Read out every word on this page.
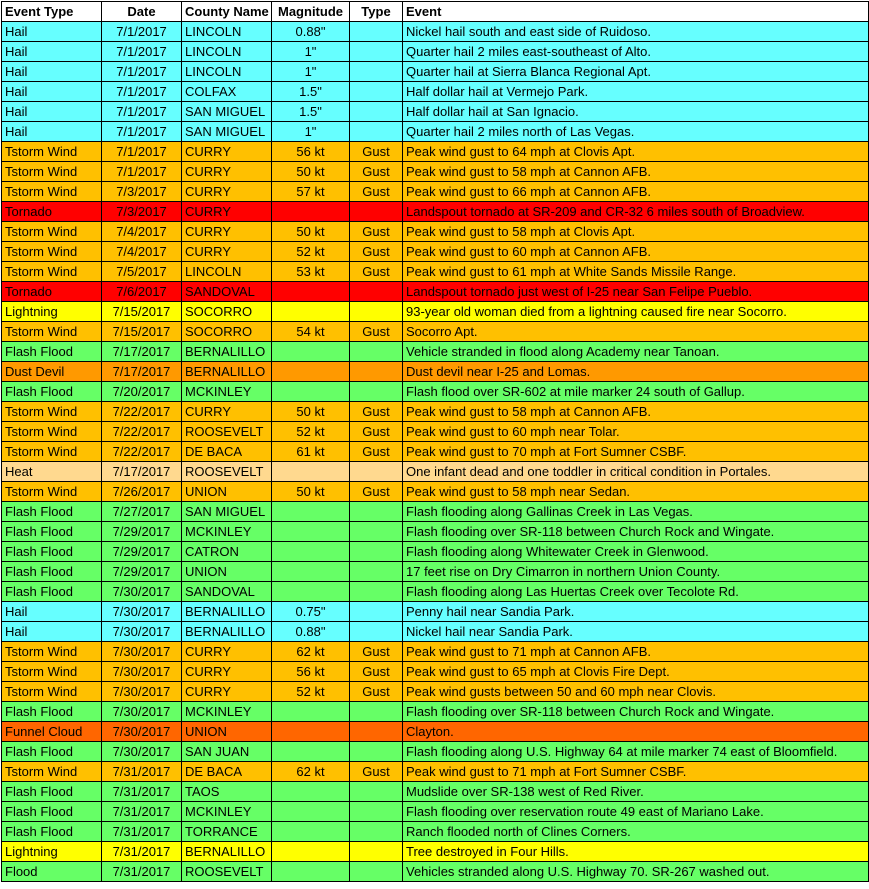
Event Type	Date	County Name	Magnitude	Type	Event
Hail	7/1/2017	LINCOLN	0.88"		Nickel hail south and east side of Ruidoso.
Hail	7/1/2017	LINCOLN	1"		Quarter hail 2 miles east-southeast of Alto.
Hail	7/1/2017	LINCOLN	1"		Quarter hail at Sierra Blanca Regional Apt.
Hail	7/1/2017	COLFAX	1.5"		Half dollar hail at Vermejo Park.
Hail	7/1/2017	SAN MIGUEL	1.5"		Half dollar hail at San Ignacio.
Hail	7/1/2017	SAN MIGUEL	1"		Quarter hail 2 miles north of Las Vegas.
Tstorm Wind	7/1/2017	CURRY	56 kt	Gust	Peak wind gust to 64 mph at Clovis Apt.
Tstorm Wind	7/1/2017	CURRY	50 kt	Gust	Peak wind gust to 58 mph at Cannon AFB.
Tstorm Wind	7/3/2017	CURRY	57 kt	Gust	Peak wind gust to 66 mph at Cannon AFB.
Tornado	7/3/2017	CURRY			Landspout tornado at SR-209 and CR-32 6 miles south of Broadview.
Tstorm Wind	7/4/2017	CURRY	50 kt	Gust	Peak wind gust to 58 mph at Clovis Apt.
Tstorm Wind	7/4/2017	CURRY	52 kt	Gust	Peak wind gust to 60 mph at Cannon AFB.
Tstorm Wind	7/5/2017	LINCOLN	53 kt	Gust	Peak wind gust to 61 mph at White Sands Missile Range.
Tornado	7/6/2017	SANDOVAL			Landspout tornado just west of I-25 near San Felipe Pueblo.
Lightning	7/15/2017	SOCORRO			93-year old woman died from a lightning caused fire near Socorro.
Tstorm Wind	7/15/2017	SOCORRO	54 kt	Gust	Socorro Apt.
Flash Flood	7/17/2017	BERNALILLO			Vehicle stranded in flood along Academy near Tanoan.
Dust Devil	7/17/2017	BERNALILLO			Dust devil near I-25 and Lomas.
Flash Flood	7/20/2017	MCKINLEY			Flash flood over SR-602 at mile marker 24 south of Gallup.
Tstorm Wind	7/22/2017	CURRY	50 kt	Gust	Peak wind gust to 58 mph at Cannon AFB.
Tstorm Wind	7/22/2017	ROOSEVELT	52 kt	Gust	Peak wind gust to 60 mph near Tolar.
Tstorm Wind	7/22/2017	DE BACA	61 kt	Gust	Peak wind gust to 70 mph at Fort Sumner CSBF.
Heat	7/17/2017	ROOSEVELT			One infant dead and one toddler in critical condition in Portales.
Tstorm Wind	7/26/2017	UNION	50 kt	Gust	Peak wind gust to 58 mph near Sedan.
Flash Flood	7/27/2017	SAN MIGUEL			Flash flooding along Gallinas Creek in Las Vegas.
Flash Flood	7/29/2017	MCKINLEY			Flash flooding over SR-118 between Church Rock and Wingate.
Flash Flood	7/29/2017	CATRON			Flash flooding along Whitewater Creek in Glenwood.
Flash Flood	7/29/2017	UNION			17 feet rise on Dry Cimarron in northern Union County.
Flash Flood	7/30/2017	SANDOVAL			Flash flooding along Las Huertas Creek over Tecolote Rd.
Hail	7/30/2017	BERNALILLO	0.75"		Penny hail near Sandia Park.
Hail	7/30/2017	BERNALILLO	0.88"		Nickel hail near Sandia Park.
Tstorm Wind	7/30/2017	CURRY	62 kt	Gust	Peak wind gust to 71 mph at Cannon AFB.
Tstorm Wind	7/30/2017	CURRY	56 kt	Gust	Peak wind gust to 65 mph at Clovis Fire Dept.
Tstorm Wind	7/30/2017	CURRY	52 kt	Gust	Peak wind gusts between 50 and 60 mph near Clovis.
Flash Flood	7/30/2017	MCKINLEY			Flash flooding over SR-118 between Church Rock and Wingate.
Funnel Cloud	7/30/2017	UNION			Clayton.
Flash Flood	7/30/2017	SAN JUAN			Flash flooding along U.S. Highway 64 at mile marker 74 east of Bloomfield.
Tstorm Wind	7/31/2017	DE BACA	62 kt	Gust	Peak wind gust to 71 mph at Fort Sumner CSBF.
Flash Flood	7/31/2017	TAOS			Mudslide over SR-138 west of Red River.
Flash Flood	7/31/2017	MCKINLEY			Flash flooding over reservation route 49 east of Mariano Lake.
Flash Flood	7/31/2017	TORRANCE			Ranch flooded north of Clines Corners.
Lightning	7/31/2017	BERNALILLO			Tree destroyed in Four Hills.
Flood	7/31/2017	ROOSEVELT			Vehicles stranded along U.S. Highway 70. SR-267 washed out.
